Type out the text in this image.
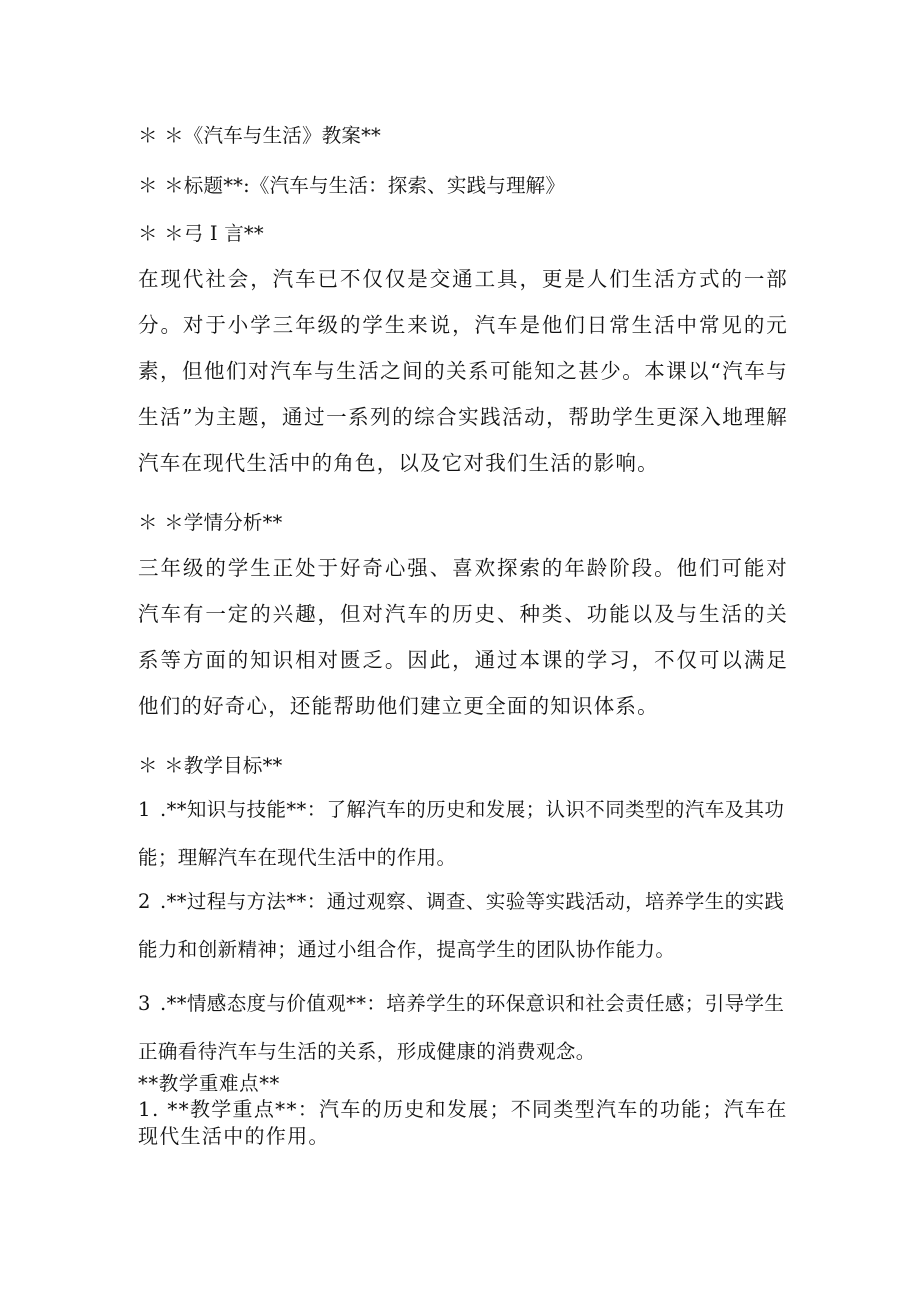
＊ ＊《汽车与生活》教案**
＊ ＊标题**:《汽车与生活：探索、实践与理解》
＊ ＊弓 I 言**
在现代社会，汽车已不仅仅是交通工具，更是人们生活方式的一部分。对于小学三年级的学生来说，汽车是他们日常生活中常见的元素，但他们对汽车与生活之间的关系可能知之甚少。本课以“汽车与生活”为主题，通过一系列的综合实践活动，帮助学生更深入地理解汽车在现代生活中的角色，以及它对我们生活的影响。
＊ ＊学情分析**
三年级的学生正处于好奇心强、喜欢探索的年龄阶段。他们可能对汽车有一定的兴趣，但对汽车的历史、种类、功能以及与生活的关系等方面的知识相对匮乏。因此，通过本课的学习，不仅可以满足他们的好奇心，还能帮助他们建立更全面的知识体系。
＊ ＊教学目标**
1 .**知识与技能**：了解汽车的历史和发展；认识不同类型的汽车及其功能；理解汽车在现代生活中的作用。
2 .**过程与方法**：通过观察、调查、实验等实践活动，培养学生的实践能力和创新精神；通过小组合作，提高学生的团队协作能力。
3 .**情感态度与价值观**：培养学生的环保意识和社会责任感；引导学生正确看待汽车与生活的关系，形成健康的消费观念。
**教学重难点**
1. **教学重点**：汽车的历史和发展；不同类型汽车的功能；汽车在现代生活中的作用。
